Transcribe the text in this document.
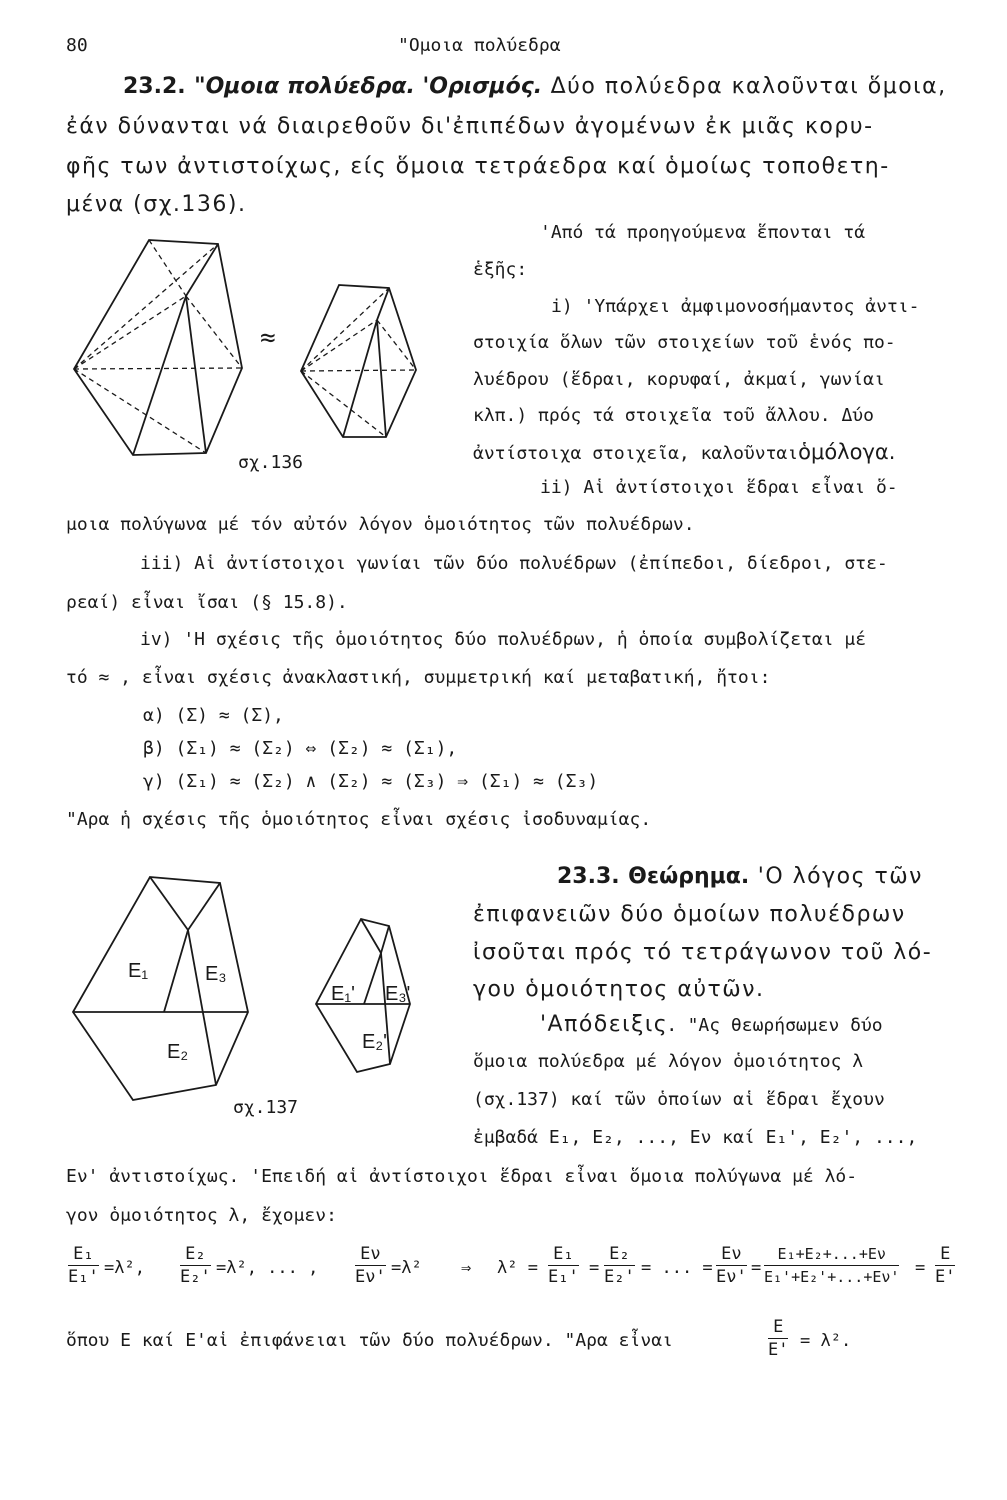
80	"Ομοια πολύεδρα
23.2. "Ομοια πολύεδρα. 'Ορισμός. Δύο πολύεδρα καλοῦνται ὅμοια,
ἐάν δύνανται νά διαιρεθοῦν δι'ἐπιπέδων ἀγομένων ἐκ μιᾶς κορυ-
φῆς των ἀντιστοίχως, είς ὅμοια τετράεδρα καί ὁμοίως τοποθετη-
μένα (σχ.136).
≈
σχ.136
'Από τά προηγούμενα ἕπονται τά
ἑξῆς:
i) 'Υπάρχει ἀμφιμονοσήμαντος ἀντι-
στοιχία ὅλων τῶν στοιχείων τοῦ ἑνός πο-
λυέδρου (ἕδραι, κορυφαί, ἀκμαί, γωνίαι
κλπ.) πρός τά στοιχεῖα τοῦ ἄλλου. Δύο
ἀντίστοιχα στοιχεῖα, καλοῦνταιὁμόλογα.
ii) Αἱ ἀντίστοιχοι ἕδραι εἶναι ὅ-
μοια πολύγωνα μέ τόν αὐτόν λόγον ὁμοιότητος τῶν πολυέδρων.
iii) Αἱ ἀντίστοιχοι γωνίαι τῶν δύο πολυέδρων (ἐπίπεδοι, δίεδροι, στε-
ρεαί) εἶναι ἴσαι (§ 15.8).
iv) 'Η σχέσις τῆς ὁμοιότητος δύο πολυέδρων, ἡ ὁποία συμβολίζεται μέ
τό ≈ , εἶναι σχέσις ἀνακλαστική, συμμετρική καί μεταβατική, ἤτοι:
α) (Σ) ≈ (Σ),
β) (Σ₁) ≈ (Σ₂) ⇔ (Σ₂) ≈ (Σ₁),
γ) (Σ₁) ≈ (Σ₂) ∧ (Σ₂) ≈ (Σ₃) ⇒ (Σ₁) ≈ (Σ₃)
"Αρα ἡ σχέσις τῆς ὁμοιότητος εἶναι σχέσις ἰσοδυναμίας.
23.3. Θεώρημα. 'Ο λόγος τῶν
ἐπιφανειῶν δύο ὁμοίων πολυέδρων
ἰσοῦται πρός τό τετράγωνον τοῦ λό-
γου ὁμοιότητος αὐτῶν.
'Απόδειξις. "Ας θεωρήσωμεν δύο
ὅμοια πολύεδρα μέ λόγον ὁμοιότητος λ
(σχ.137) καί τῶν ὁποίων αἱ ἕδραι ἔχουν
ἐμβαδά E₁, E₂, ..., Eν καί E₁', E₂', ...,
Eν' ἀντιστοίχως. 'Επειδή αἱ ἀντίστοιχοι ἕδραι εἶναι ὅμοια πολύγωνα μέ λό-
γον ὁμοιότητος λ, ἔχομεν:
E₁	E₃
E₂
E₁' E₃'
E₂'
σχ.137
$\frac{\text{E₁}}{\text{E₁'}} =\lambda^2$, $\frac{\text{E₂}}{\text{E₂'}} =\lambda^2$, ... , $\frac{E\nu}{E\nu'} =\lambda^2$ ⇒ $\lambda^2 = \frac{\text{E₁}}{\text{E₁'}} = \frac{\text{E₂}}{\text{E₂'}}$ = ... = $\frac{E\nu}{E\nu'} = \frac{\text{E₁+E₂+...+Eν}}{\text{E₁'+E₂'+...+Eν'}} = \frac{E}{E'}$
ὅπου E καί E'αἱ ἐπιφάνειαι τῶν δύο πολυέδρων. "Αρα εἶναι	$\frac{E}{E'} = \lambda^2$.
